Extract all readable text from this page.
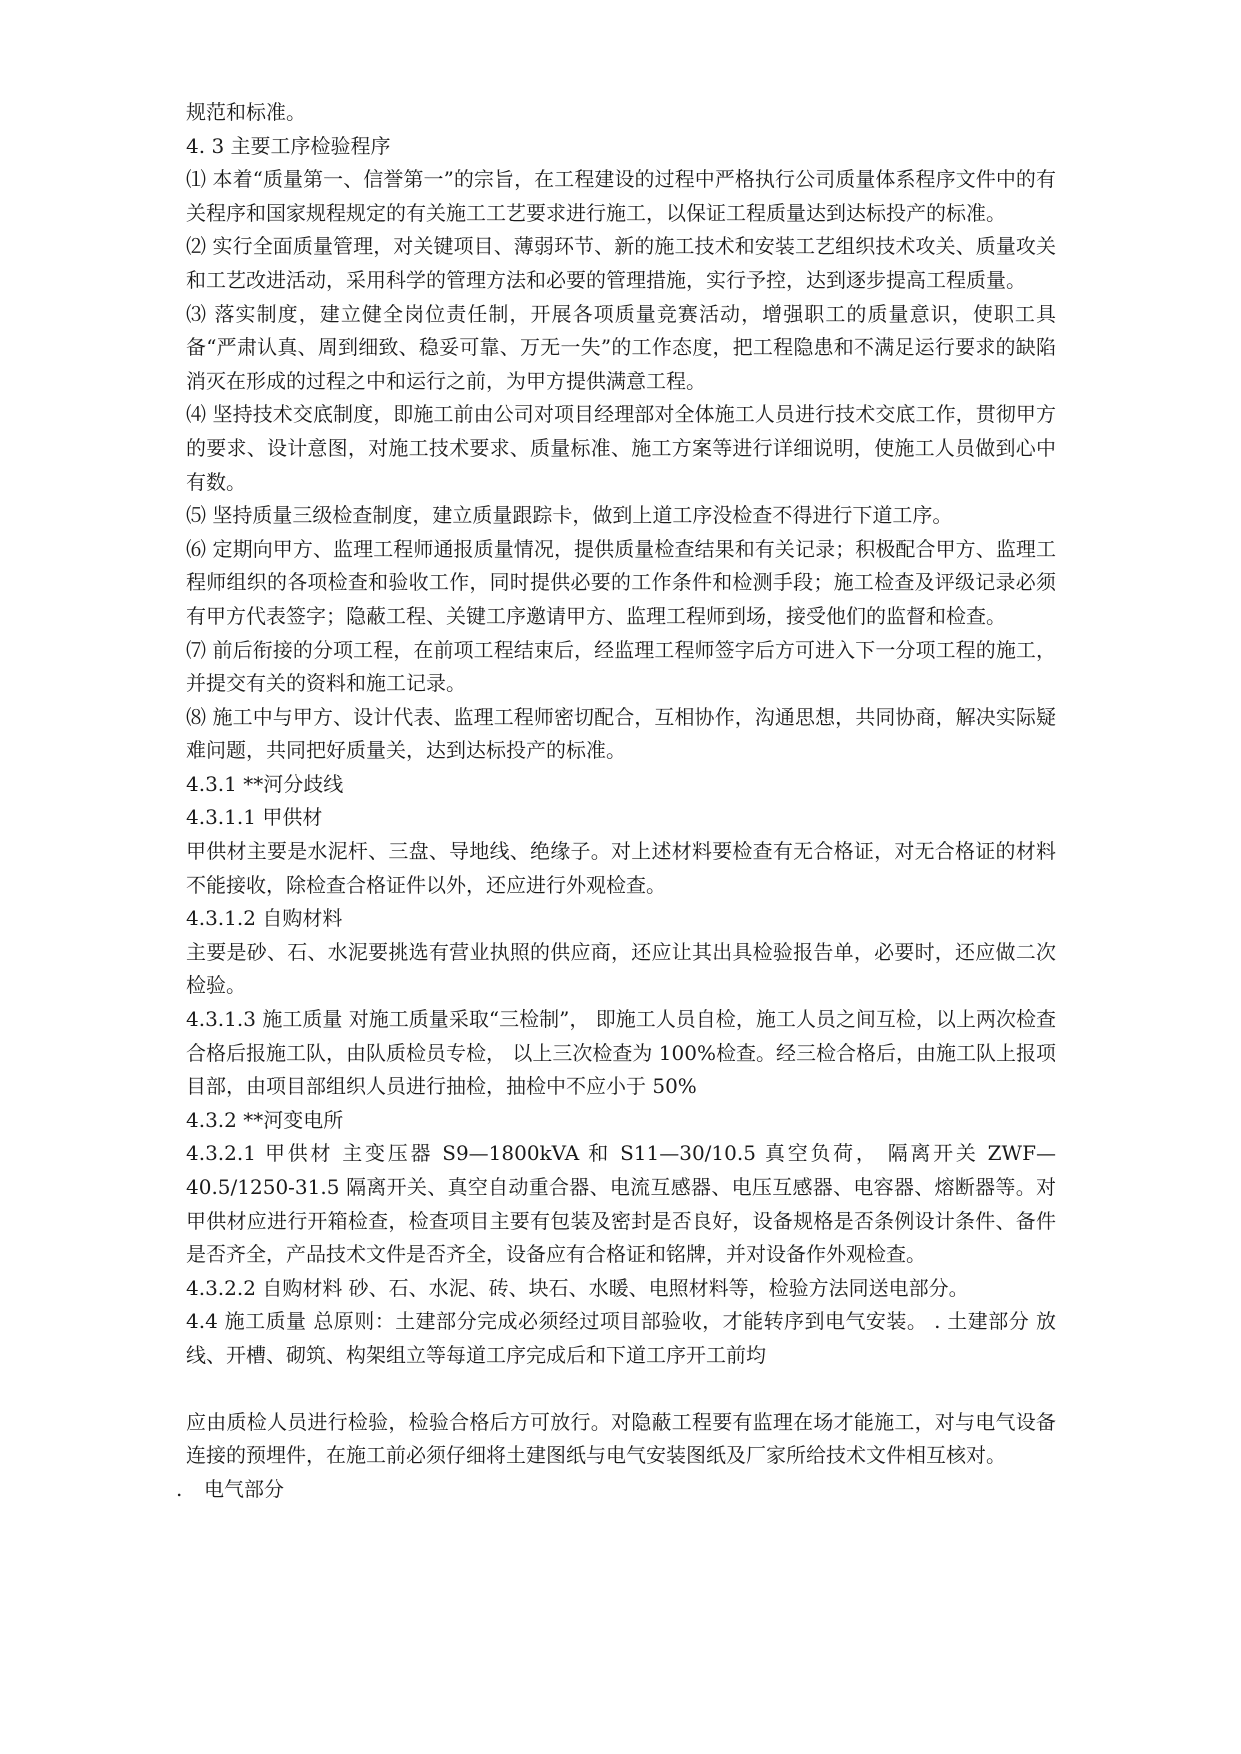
规范和标准。

4. 3 主要工序检验程序

⑴ 本着“质量第一、信誉第一”的宗旨，在工程建设的过程中严格执行公司质量体系程序文件中的有关程序和国家规程规定的有关施工工艺要求进行施工，以保证工程质量达到达标投产的标准。

⑵ 实行全面质量管理，对关键项目、薄弱环节、新的施工技术和安装工艺组织技术攻关、质量攻关和工艺改进活动，采用科学的管理方法和必要的管理措施，实行予控，达到逐步提高工程质量。

⑶ 落实制度，建立健全岗位责任制，开展各项质量竞赛活动，增强职工的质量意识，使职工具备“严肃认真、周到细致、稳妥可靠、万无一失”的工作态度，把工程隐患和不满足运行要求的缺陷消灭在形成的过程之中和运行之前，为甲方提供满意工程。

⑷ 坚持技术交底制度，即施工前由公司对项目经理部对全体施工人员进行技术交底工作，贯彻甲方的要求、设计意图，对施工技术要求、质量标准、施工方案等进行详细说明，使施工人员做到心中有数。

⑸ 坚持质量三级检查制度，建立质量跟踪卡，做到上道工序没检查不得进行下道工序。

⑹ 定期向甲方、监理工程师通报质量情况，提供质量检查结果和有关记录；积极配合甲方、监理工程师组织的各项检查和验收工作，同时提供必要的工作条件和检测手段；施工检查及评级记录必须有甲方代表签字；隐蔽工程、关键工序邀请甲方、监理工程师到场，接受他们的监督和检查。

⑺ 前后衔接的分项工程，在前项工程结束后，经监理工程师签字后方可进入下一分项工程的施工，并提交有关的资料和施工记录。

⑻ 施工中与甲方、设计代表、监理工程师密切配合，互相协作，沟通思想，共同协商，解决实际疑难问题，共同把好质量关，达到达标投产的标准。

4.3.1 **河分歧线

4.3.1.1 甲供材

甲供材主要是水泥杆、三盘、导地线、绝缘子。对上述材料要检查有无合格证，对无合格证的材料不能接收，除检查合格证件以外，还应进行外观检查。

4.3.1.2 自购材料

主要是砂、石、水泥要挑选有营业执照的供应商，还应让其出具检验报告单，必要时，还应做二次检验。

4.3.1.3 施工质量 对施工质量采取“三检制”， 即施工人员自检，施工人员之间互检，以上两次检查合格后报施工队，由队质检员专检， 以上三次检查为 100%检查。经三检合格后，由施工队上报项目部，由项目部组织人员进行抽检，抽检中不应小于 50%

4.3.2 **河变电所

4.3.2.1 甲供材 主变压器 S9—1800kVA 和 S11—30/10.5 真空负荷， 隔离开关 ZWF—40.5/1250-31.5 隔离开关、真空自动重合器、电流互感器、电压互感器、电容器、熔断器等。对甲供材应进行开箱检查，检查项目主要有包装及密封是否良好，设备规格是否条例设计条件、备件是否齐全，产品技术文件是否齐全，设备应有合格证和铭牌，并对设备作外观检查。

4.3.2.2 自购材料 砂、石、水泥、砖、块石、水暖、电照材料等，检验方法同送电部分。

4.4 施工质量 总原则：土建部分完成必须经过项目部验收，才能转序到电气安装。 . 土建部分 放线、开槽、砌筑、构架组立等每道工序完成后和下道工序开工前均

应由质检人员进行检验，检验合格后方可放行。对隐蔽工程要有监理在场才能施工，对与电气设备连接的预埋件，在施工前必须仔细将土建图纸与电气安装图纸及厂家所给技术文件相互核对。

. 电气部分
